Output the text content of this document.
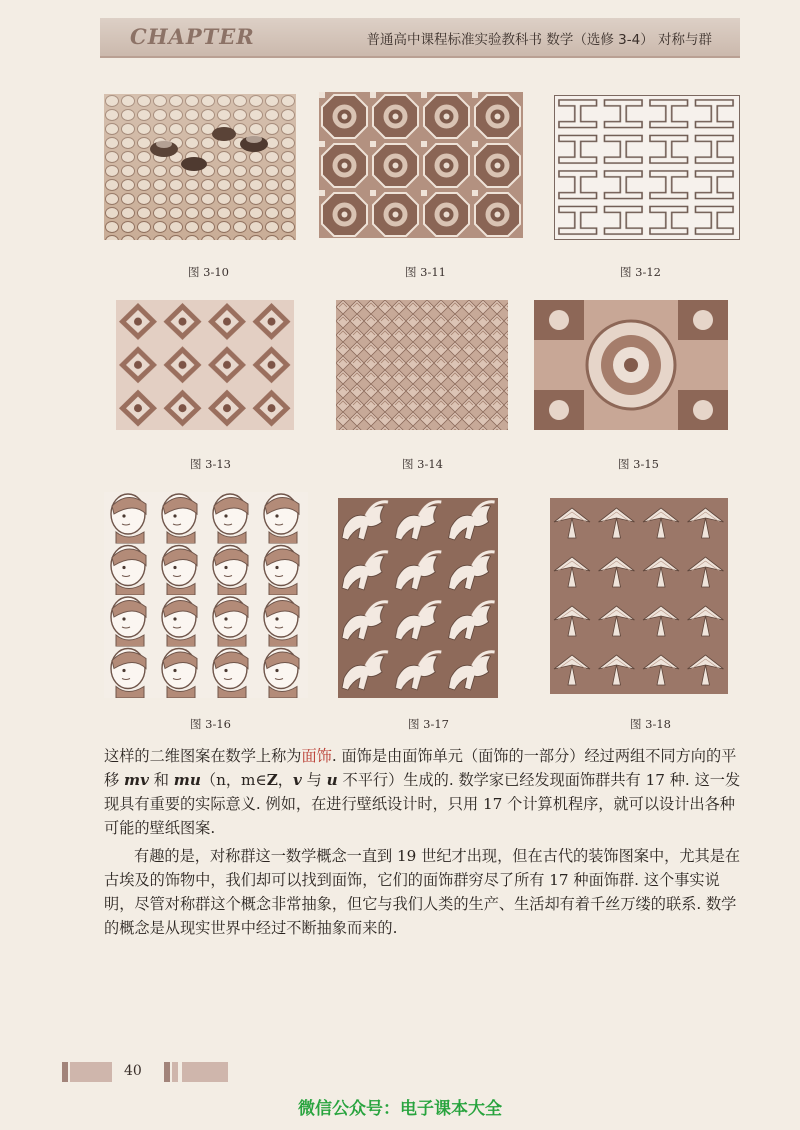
CHAPTER	普通高中课程标准实验教科书 数学（选修 3-4） 对称与群
图 3-10	图 3-11	图 3-12
图 3-13	图 3-14	图 3-15
图 3-16	图 3-17	图 3-18

这样的二维图案在数学上称为面饰. 面饰是由面饰单元（面饰的一部分）经过两组不同方向的平移 mv 和 mu（n，m∈Z，v 与 u 不平行）生成的. 数学家已经发现面饰群共有 17 种. 这一发现具有重要的实际意义. 例如，在进行壁纸设计时，只用 17 个计算机程序，就可以设计出各种可能的壁纸图案.

有趣的是，对称群这一数学概念一直到 19 世纪才出现，但在古代的装饰图案中，尤其是在古埃及的饰物中，我们却可以找到面饰，它们的面饰群穷尽了所有 17 种面饰群. 这个事实说明，尽管对称群这个概念非常抽象，但它与我们人类的生产、生活却有着千丝万缕的联系. 数学的概念是从现实世界中经过不断抽象而来的.

40
微信公众号：电子课本大全
